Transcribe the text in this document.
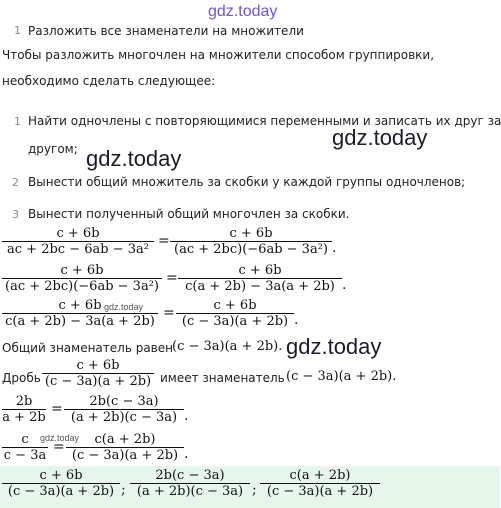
gdz.today
1 Разложить все знаменатели на множители
Чтобы разложить многочлен на множители способом группировки,
необходимо сделать следующее:
1 Найти одночлены с повторяющимися переменными и записать их друг за
другом;	gdz.today
gdz.today
2 Вынести общий множитель за скобки у каждой группы одночленов;
3 Вынести полученный общий многочлен за скобки.
$\frac{c + 6b}{\text{ac + 2bc − 6ab − 3a²}} = \frac{c + 6b}{\text{(ac + 2bc)(−6ab − 3a²)}}$ .
$\frac{c + 6b}{\text{(ac + 2bc)(−6ab − 3a²)}} = \frac{c + 6b}{c(a + 2b) - 3a(a + 2b)}$ .
$\frac{c + 6b}{c(a + 2b) - 3a(a + 2b)}$
gdz.today = $\frac{c + 6b}{(c - 3a)(a + 2b)}$ .
Общий знаменатель равен (c − 3a)(a + 2b). gdz.today
Дробь $\frac{c + 6b}{(c - 3a)(a + 2b)}$ имеет знаменатель (c − 3a)(a + 2b).
$\frac{2b}{a + 2b} = \frac{2b(c - 3a)}{(a + 2b)(c - 3a)}$ .
$\frac{c}{c - 3a}$
gdz.today
= $\frac{c(a + 2b)}{(c - 3a)(a + 2b)}$ .
$\frac{c + 6b}{(c - 3a)(a + 2b)}$ ; $\frac{2b(c - 3a)}{(a + 2b)(c - 3a)}$ ; $\frac{c(a + 2b)}{(c - 3a)(a + 2b)}$
